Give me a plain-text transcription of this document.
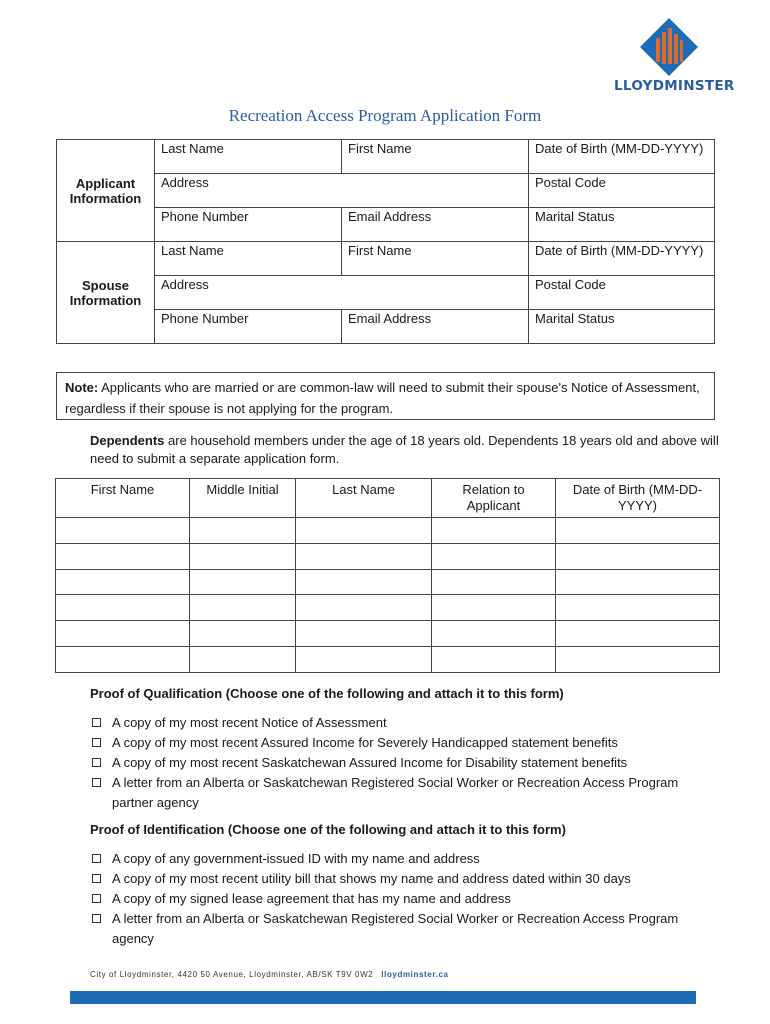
LLOYDMINSTER
Recreation Access Program Application Form
Applicant Information	Last Name	First Name	Date of Birth (MM-DD-YYYY)
	Address		Postal Code
	Phone Number	Email Address	Marital Status
Spouse Information	Last Name	First Name	Date of Birth (MM-DD-YYYY)
	Address		Postal Code
	Phone Number	Email Address	Marital Status
Note: Applicants who are married or are common-law will need to submit their spouse's Notice of Assessment, regardless if their spouse is not applying for the program.
Dependents are household members under the age of 18 years old. Dependents 18 years old and above will need to submit a separate application form.
First Name	Middle Initial	Last Name	Relation to Applicant	Date of Birth (MM-DD-YYYY)

Proof of Qualification (Choose one of the following and attach it to this form)
A copy of my most recent Notice of Assessment
A copy of my most recent Assured Income for Severely Handicapped statement benefits
A copy of my most recent Saskatchewan Assured Income for Disability statement benefits
A letter from an Alberta or Saskatchewan Registered Social Worker or Recreation Access Program partner agency
Proof of Identification (Choose one of the following and attach it to this form)
A copy of any government-issued ID with my name and address
A copy of my most recent utility bill that shows my name and address dated within 30 days
A copy of my signed lease agreement that has my name and address
A letter from an Alberta or Saskatchewan Registered Social Worker or Recreation Access Program agency
City of Lloydminster, 4420 50 Avenue, Lloydminster, AB/SK T9V 0W2 lloydminster.ca
